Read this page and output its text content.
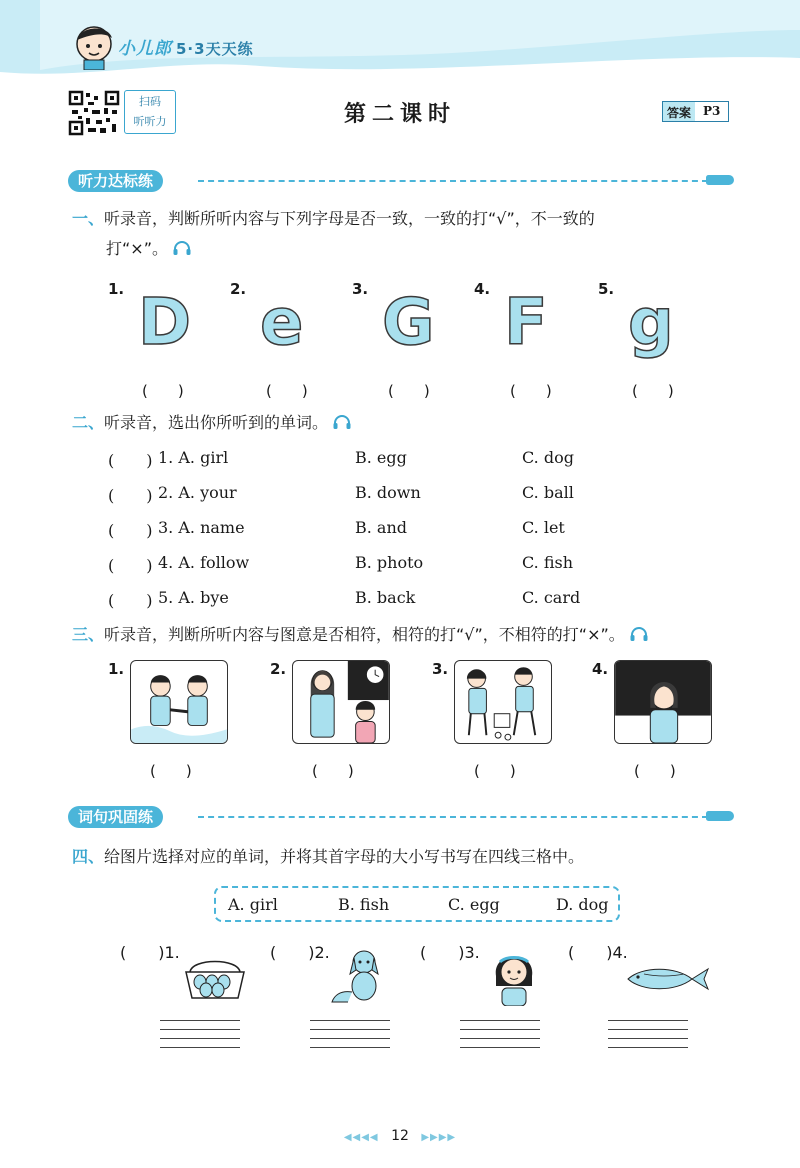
小儿郎 5·3天天练
扫码
听听力	第二课时	答案	P3
听力达标练
一、听录音，判断所听内容与下列字母是否一致，一致的打“√”，不一致的
打“×”。
1. D	2. e	3. G	4. F	5. g
(　　)	(　　)	(　　)	(　　)	(　　)
二、听录音，选出你所听到的单词。
(　　) 1. A. girl	B. egg	C. dog
(　　) 2. A. your	B. down	C. ball
(　　) 3. A. name	B. and	C. let
(　　) 4. A. follow	B. photo	C. fish
(　　) 5. A. bye	B. back	C. card
三、听录音，判断所听内容与图意是否相符，相符的打“√”，不相符的打“×”。
1.	2.	3.	4.
(　　)	(　　)	(　　)	(　　)
词句巩固练
四、给图片选择对应的单词，并将其首字母的大小写书写在四线三格中。
A. girl	B. fish	C. egg	D. dog
(　　)1.	(　　)2.	(　　)3.	(　　)4.
◀◀◀◀ 12 ▶▶▶▶
